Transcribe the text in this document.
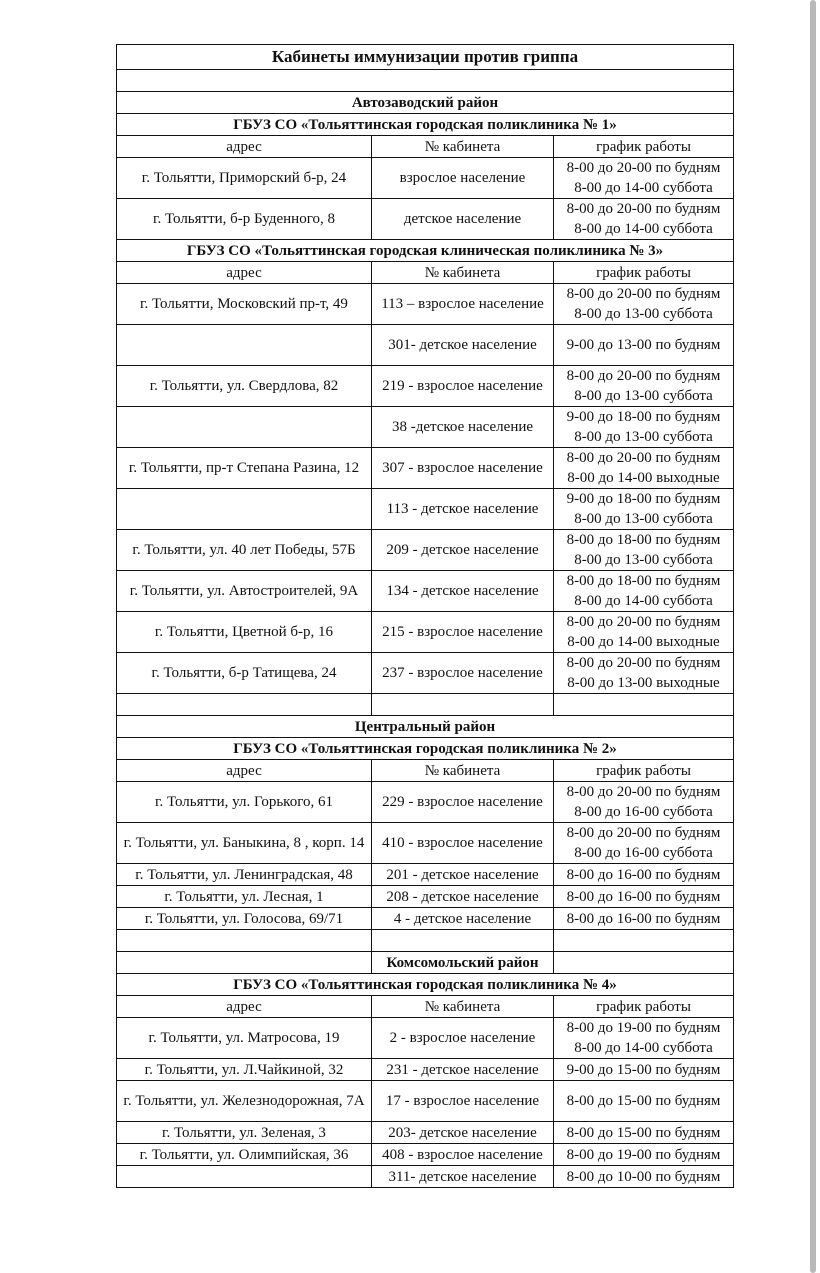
Кабинеты иммунизации против гриппа		

Автозаводский район		
ГБУЗ СО «Тольяттинская городская поликлиника № 1»		
адрес	№ кабинета	график работы
г. Тольятти, Приморский б-р, 24	взрослое население	8-00 до 20-00 по будням
8-00 до 14-00 суббота
г. Тольятти, б-р Буденного, 8	детское население	8-00 до 20-00 по будням
8-00 до 14-00 суббота
ГБУЗ СО «Тольяттинская городская клиническая поликлиника № 3»		
адрес	№ кабинета	график работы
г. Тольятти, Московский пр-т, 49	113 – взрослое население	8-00 до 20-00 по будням
8-00 до 13-00 суббота
	301- детское население	9-00 до 13-00 по будням
г. Тольятти, ул. Свердлова, 82	219 - взрослое население	8-00 до 20-00 по будням
8-00 до 13-00 суббота
	38 -детское население	9-00 до 18-00 по будням
8-00 до 13-00 суббота
г. Тольятти, пр-т Степана Разина, 12	307 - взрослое население	8-00 до 20-00 по будням
8-00 до 14-00 выходные
	113 - детское население	9-00 до 18-00 по будням
8-00 до 13-00 суббота
г. Тольятти, ул. 40 лет Победы, 57Б	209 - детское население	8-00 до 18-00 по будням
8-00 до 13-00 суббота
г. Тольятти, ул. Автостроителей, 9А	134 - детское население	8-00 до 18-00 по будням
8-00 до 14-00 суббота
г. Тольятти, Цветной б-р, 16	215 - взрослое население	8-00 до 20-00 по будням
8-00 до 14-00 выходные
г. Тольятти, б-р Татищева, 24	237 - взрослое население	8-00 до 20-00 по будням
8-00 до 13-00 выходные

Центральный район		
ГБУЗ СО «Тольяттинская городская поликлиника № 2»		
адрес	№ кабинета	график работы
г. Тольятти, ул. Горького, 61	229 - взрослое население	8-00 до 20-00 по будням
8-00 до 16-00 суббота
г. Тольятти, ул. Баныкина, 8 , корп. 14	410 - взрослое население	8-00 до 20-00 по будням
8-00 до 16-00 суббота
г. Тольятти, ул. Ленинградская, 48	201 - детское население	8-00 до 16-00 по будням
г. Тольятти, ул. Лесная, 1	208 - детское население	8-00 до 16-00 по будням
г. Тольятти, ул. Голосова, 69/71	4 - детское население	8-00 до 16-00 по будням

	Комсомольский район	
ГБУЗ СО «Тольяттинская городская поликлиника № 4»		
адрес	№ кабинета	график работы
г. Тольятти, ул. Матросова, 19	2 - взрослое население	8-00 до 19-00 по будням
8-00 до 14-00 суббота
г. Тольятти, ул. Л.Чайкиной, 32	231 - детское население	9-00 до 15-00 по будням
г. Тольятти, ул. Железнодорожная, 7А	17 - взрослое население	8-00 до 15-00 по будням
г. Тольятти, ул. Зеленая, 3	203- детское население	8-00 до 15-00 по будням
г. Тольятти, ул. Олимпийская, 36	408 - взрослое население	8-00 до 19-00 по будням
	311- детское население	8-00 до 10-00 по будням
